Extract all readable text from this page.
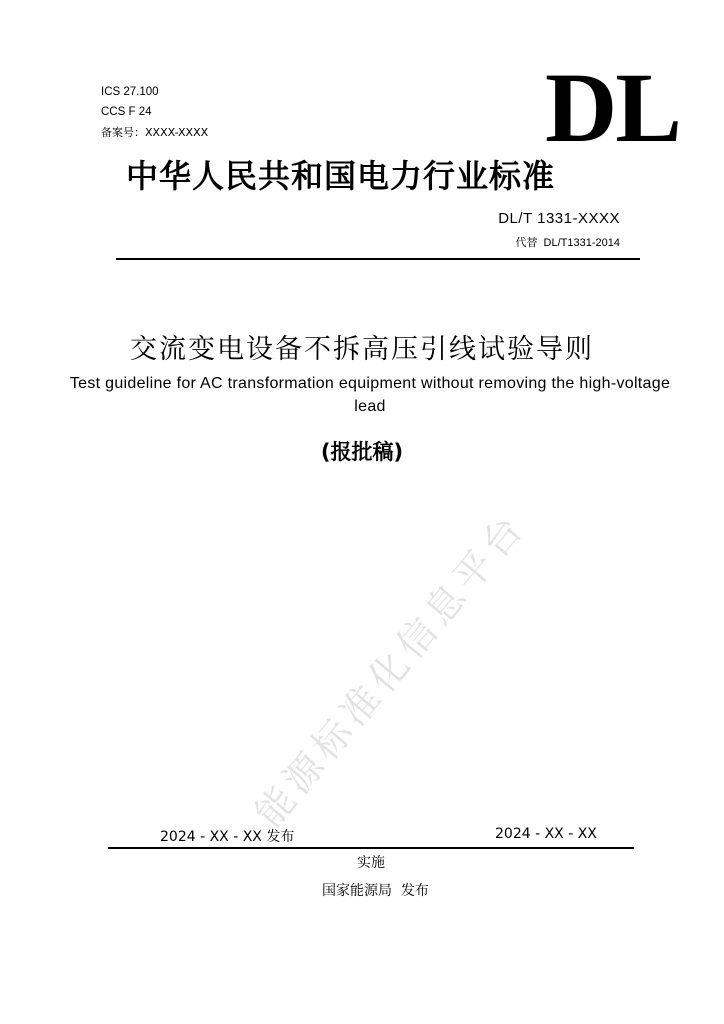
ICS 27.100
CCS F 24
备案号：XXXX-XXXX	DL
中华人民共和国电力行业标准
DL/T 1331-XXXX
代替 DL/T1331-2014
交流变电设备不拆高压引线试验导则
Test guideline for AC transformation equipment without removing the high-voltage lead
(报批稿)
能源标准化信息平台
2024 - XX - XX 发布	2024 - XX - XX
实施
国家能源局  发布
